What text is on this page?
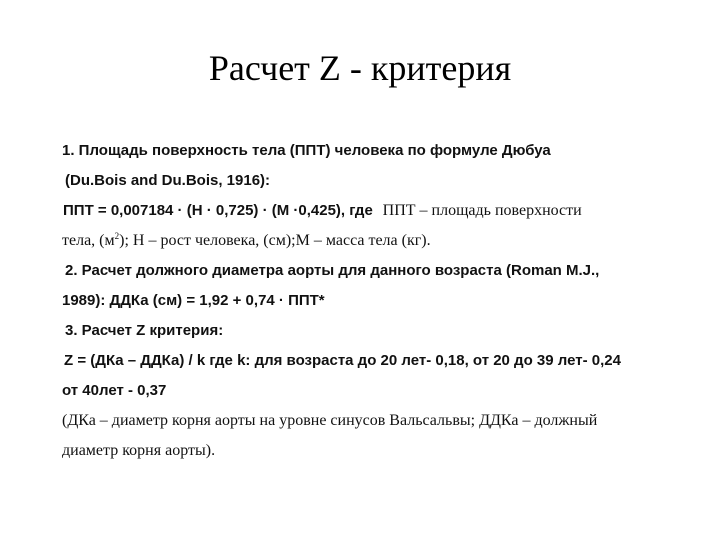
Расчет Z - критерия
1. Площадь поверхность тела (ППТ) человека по формуле Дюбуа
(Du.Bois and Du.Bois, 1916):
ППТ = 0,007184 · (Н · 0,725) · (М ·0,425), где ППТ – площадь поверхности
тела, $(м^2)$; Н – рост человека, (см);М – масса тела (кг).
2. Расчет должного диаметра аорты для данного возраста (Roman M.J.,
1989): ДДКа (см) = 1,92 + 0,74 · ППТ*
3. Расчет Z критерия:
Z = (ДКа – ДДКа) / k где k: для возраста до 20 лет- 0,18, от 20 до 39 лет- 0,24
от 40лет - 0,37
(ДКа – диаметр корня аорты на уровне синусов Вальсальвы; ДДКа – должный
диаметр корня аорты).
